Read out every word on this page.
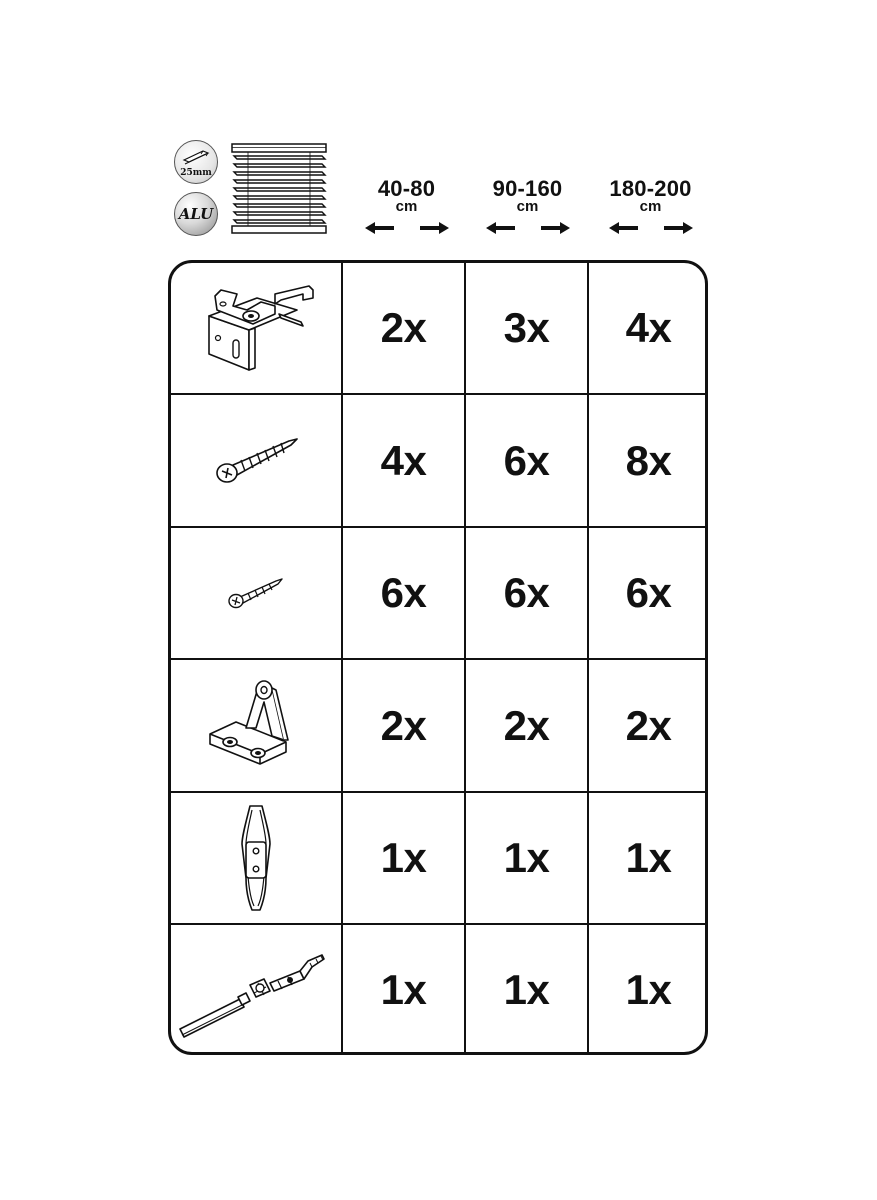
25mm
ALU
40-80
cm
90-160
cm
180-200
cm
2x 3x 4x
4x 6x 8x
6x 6x 6x
2x 2x 2x
1x 1x 1x
1x 1x 1x
